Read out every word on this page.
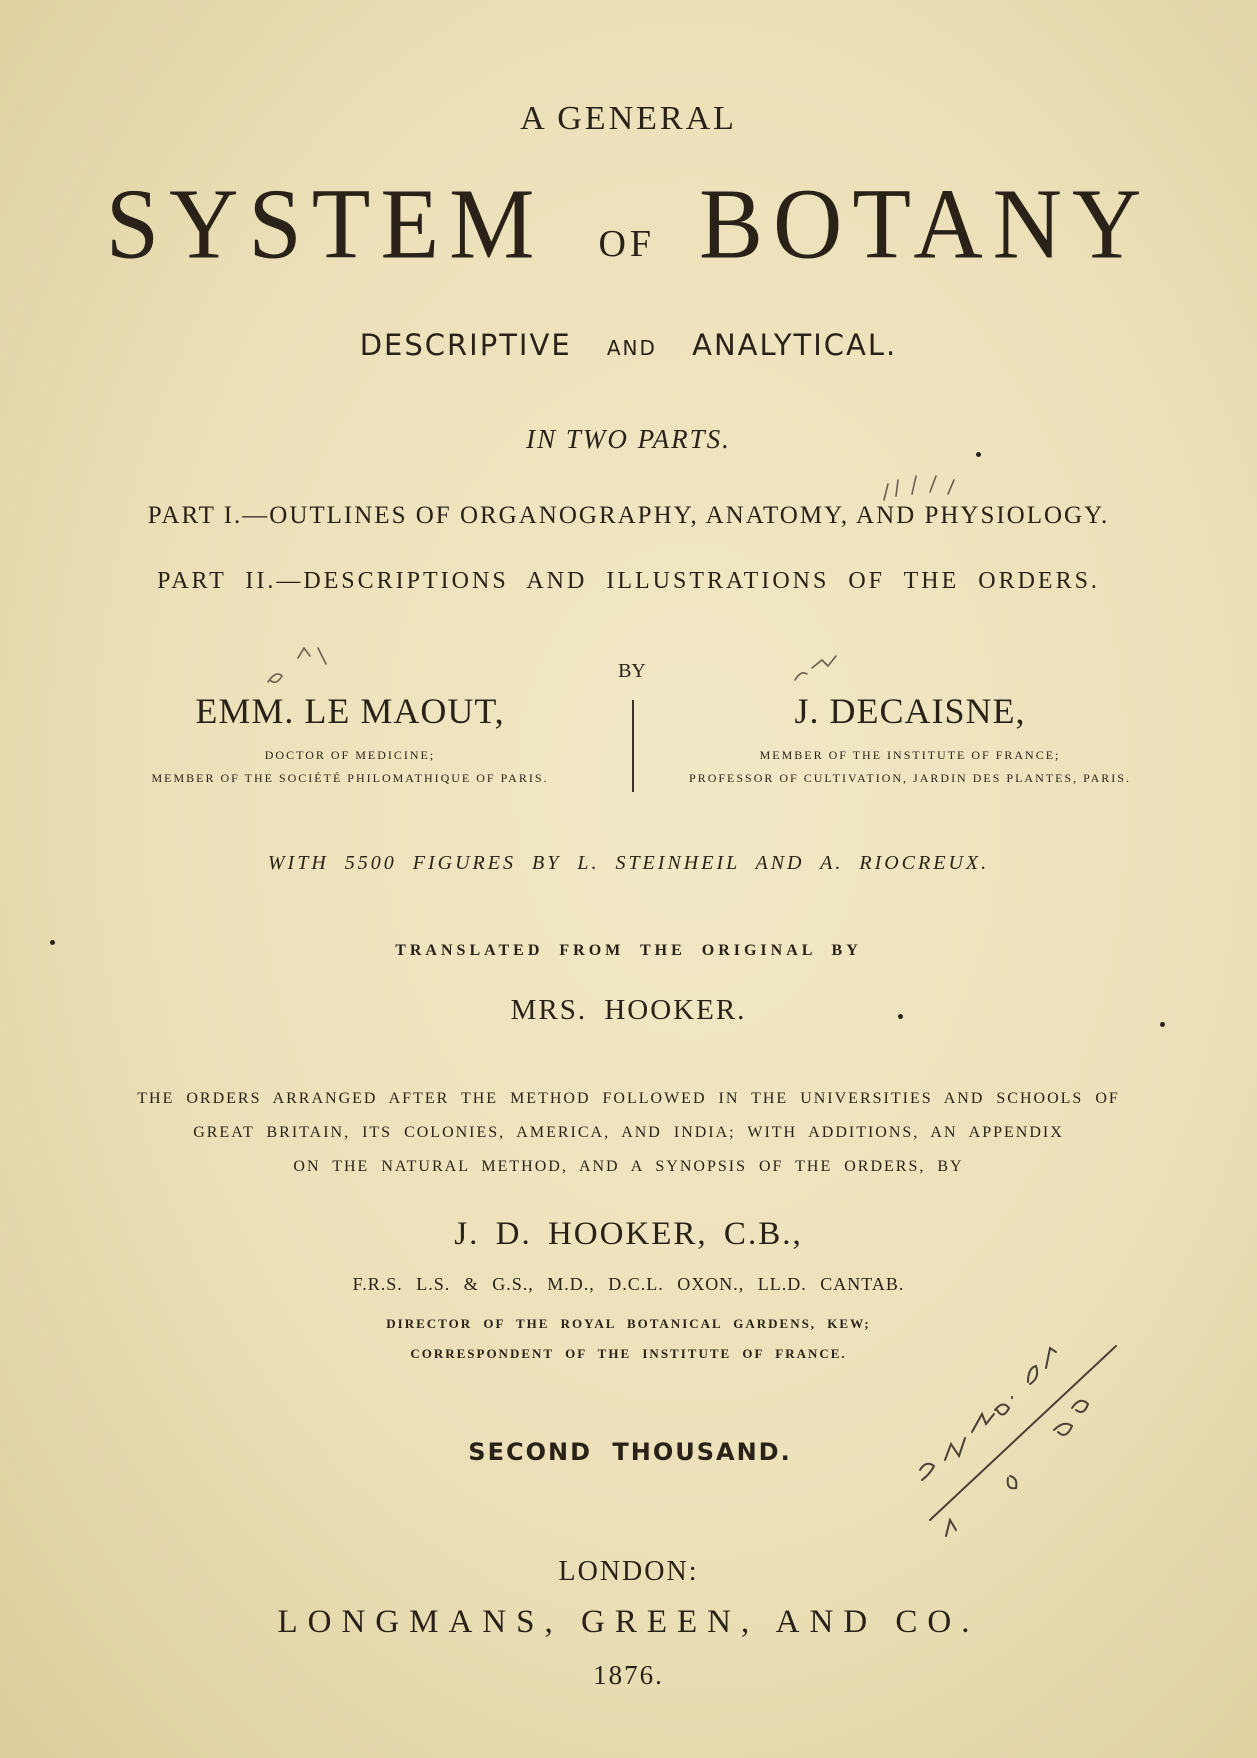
A GENERAL
SYSTEM OF BOTANY
DESCRIPTIVE AND ANALYTICAL.
IN TWO PARTS.
PART I.—OUTLINES OF ORGANOGRAPHY, ANATOMY, AND PHYSIOLOGY.
PART II.—DESCRIPTIONS AND ILLUSTRATIONS OF THE ORDERS.
BY
EMM. LE MAOUT,
DOCTOR OF MEDICINE;
MEMBER OF THE SOCIÉTÉ PHILOMATHIQUE OF PARIS.
J. DECAISNE,
MEMBER OF THE INSTITUTE OF FRANCE;
PROFESSOR OF CULTIVATION, JARDIN DES PLANTES, PARIS.
WITH 5500 FIGURES BY L. STEINHEIL AND A. RIOCREUX.
TRANSLATED FROM THE ORIGINAL BY
MRS. HOOKER.
THE ORDERS ARRANGED AFTER THE METHOD FOLLOWED IN THE UNIVERSITIES AND SCHOOLS OF
GREAT BRITAIN, ITS COLONIES, AMERICA, AND INDIA; WITH ADDITIONS, AN APPENDIX
ON THE NATURAL METHOD, AND A SYNOPSIS OF THE ORDERS, BY
J. D. HOOKER, C.B.,
F.R.S. L.S. & G.S., M.D., D.C.L. OXON., LL.D. CANTAB.
DIRECTOR OF THE ROYAL BOTANICAL GARDENS, KEW;
CORRESPONDENT OF THE INSTITUTE OF FRANCE.
SECOND THOUSAND.
LONDON:
LONGMANS, GREEN, AND CO.
1876.
